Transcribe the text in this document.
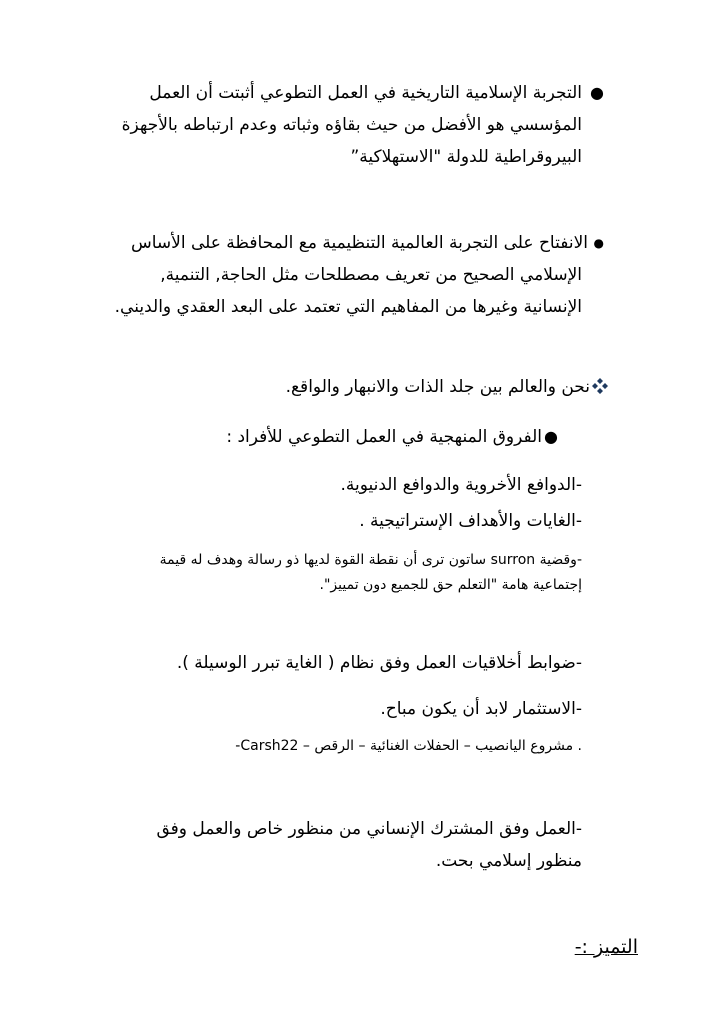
●
التجربة الإسلامية التاريخية في العمل التطوعي أثبتت أن العمل
المؤسسي هو الأفضل من حيث بقاؤه وثباته وعدم ارتباطه بالأجهزة
البيروقراطية للدولة "الاستهلاكية”
●
الانفتاح على التجربة العالمية التنظيمية مع المحافظة على الأساس
الإسلامي الصحيح من تعريف مصطلحات مثل الحاجة, التنمية,
الإنسانية وغيرها من المفاهيم التي تعتمد على البعد العقدي والديني.
نحن والعالم بين جلد الذات والانبهار والواقع.
●
الفروق المنهجية في العمل التطوعي للأفراد :
-الدوافع الأخروية والدوافع الدنيوية.
-الغايات والأهداف الإستراتيجية .
-وقضية surron ساتون ترى أن نقطة القوة لديها ذو رسالة وهدف له قيمة
إجتماعية هامة "التعلم حق للجميع دون تمييز".
-ضوابط أخلاقيات العمل وفق نظام ( الغاية تبرر الوسيلة ).
-الاستثمار لابد أن يكون مباح.
-Carsh22 – مشروع اليانصيب – الحفلات الغنائية – الرقص .
-العمل وفق المشترك الإنساني من منظور خاص والعمل وفق
منظور إسلامي بحت.
التميز :-
